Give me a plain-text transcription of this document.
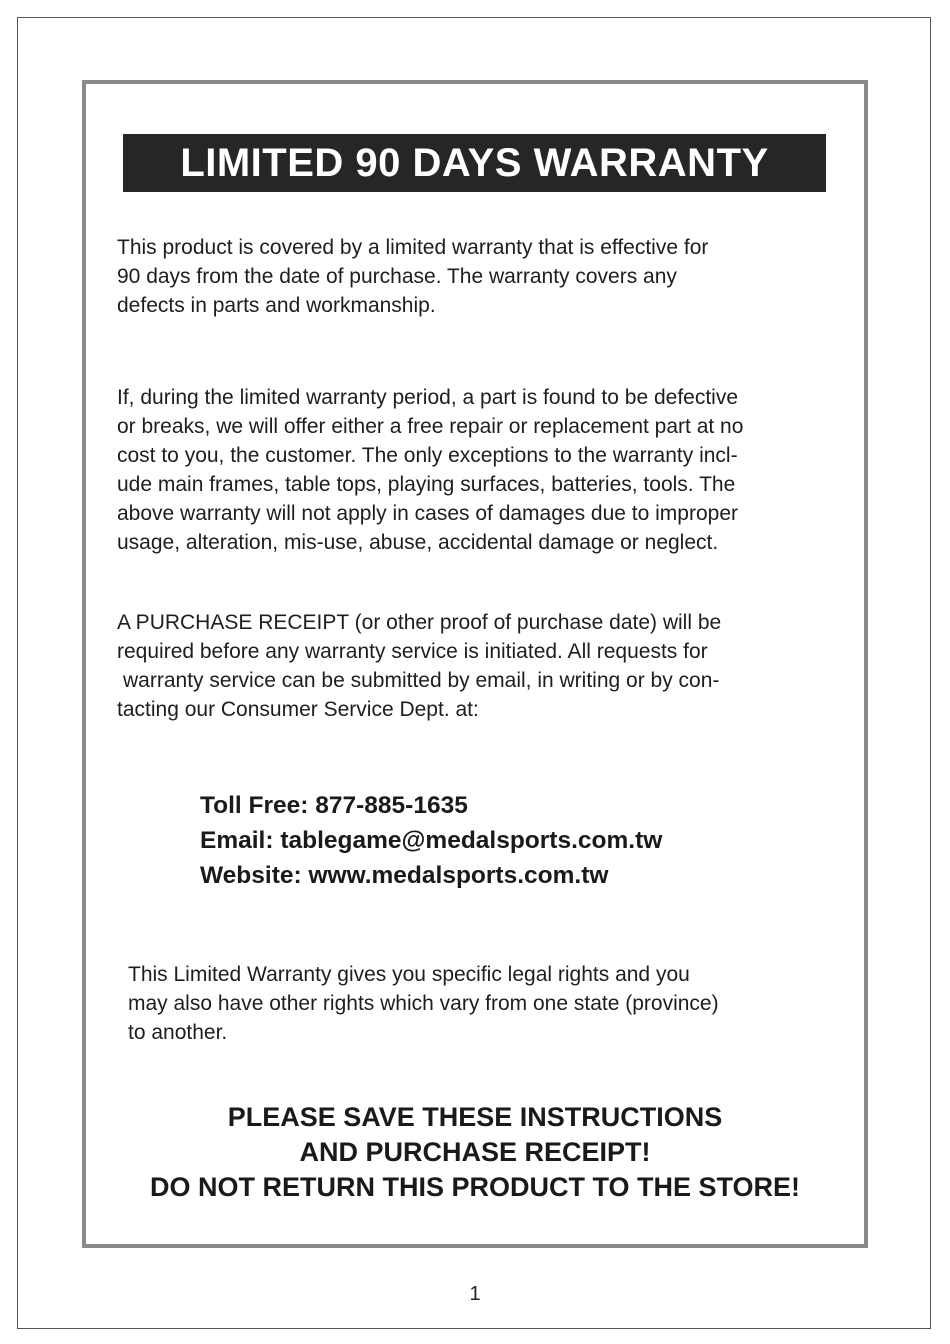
LIMITED 90 DAYS WARRANTY

This product is covered by a limited warranty that is effective for
90 days from the date of purchase. The warranty covers any
defects in parts and workmanship.

If, during the limited warranty period, a part is found to be defective
or breaks, we will offer either a free repair or replacement part at no
cost to you, the customer. The only exceptions to the warranty incl-
ude main frames, table tops, playing surfaces, batteries, tools. The
above warranty will not apply in cases of damages due to improper
usage, alteration, mis-use, abuse, accidental damage or neglect.

A PURCHASE RECEIPT (or other proof of purchase date) will be
required before any warranty service is initiated. All requests for
warranty service can be submitted by email, in writing or by con-
tacting our Consumer Service Dept. at:

Toll Free: 877-885-1635
Email: tablegame@medalsports.com.tw
Website: www.medalsports.com.tw

This Limited Warranty gives you specific legal rights and you
may also have other rights which vary from one state (province)
to another.

PLEASE SAVE THESE INSTRUCTIONS
AND PURCHASE RECEIPT!
DO NOT RETURN THIS PRODUCT TO THE STORE!
1
